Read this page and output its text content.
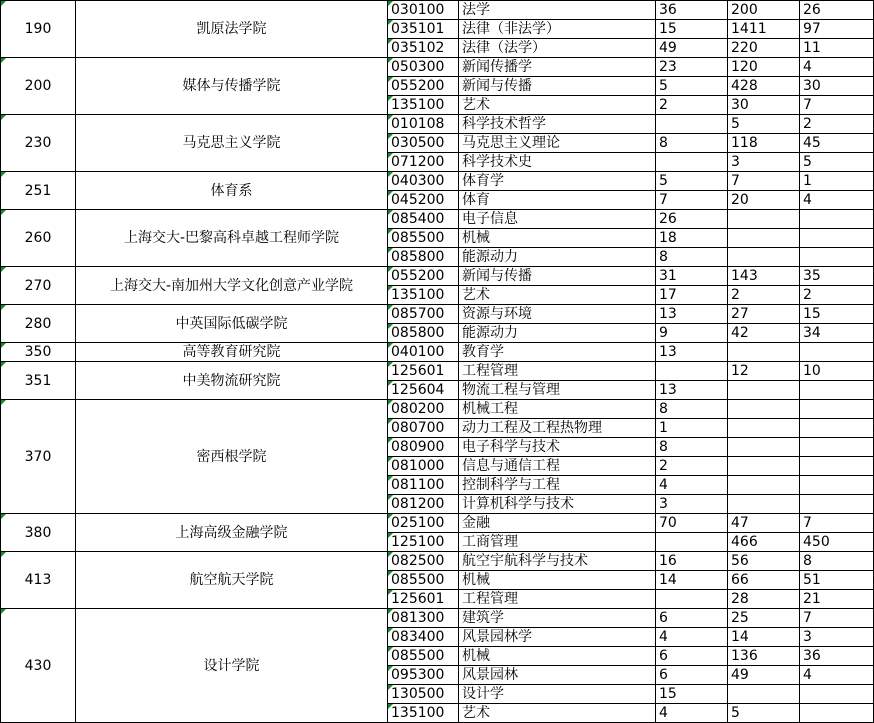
190	凯原法学院	030100	法学	36	200	26
		035101	法律（非法学）	15	1411	97
		035102	法律（法学）	49	220	11
200	媒体与传播学院	050300	新闻传播学	23	120	4
		055200	新闻与传播	5	428	30
		135100	艺术	2	30	7
230	马克思主义学院	010108	科学技术哲学		5	2
		030500	马克思主义理论	8	118	45
		071200	科学技术史		3	5
251	体育系	040300	体育学	5	7	1
		045200	体育	7	20	4
260	上海交大-巴黎高科卓越工程师学院	085400	电子信息	26		
		085500	机械	18		
		085800	能源动力	8		
270	上海交大-南加州大学文化创意产业学院	055200	新闻与传播	31	143	35
		135100	艺术	17	2	2
280	中英国际低碳学院	085700	资源与环境	13	27	15
		085800	能源动力	9	42	34
350	高等教育研究院	040100	教育学	13		
351	中美物流研究院	125601	工程管理		12	10
		125604	物流工程与管理	13		
370	密西根学院	080200	机械工程	8		
		080700	动力工程及工程热物理	1		
		080900	电子科学与技术	8		
		081000	信息与通信工程	2		
		081100	控制科学与工程	4		
		081200	计算机科学与技术	3		
380	上海高级金融学院	025100	金融	70	47	7
		125100	工商管理		466	450
413	航空航天学院	082500	航空宇航科学与技术	16	56	8
		085500	机械	14	66	51
		125601	工程管理		28	21
430	设计学院	081300	建筑学	6	25	7
		083400	风景园林学	4	14	3
		085500	机械	6	136	36
		095300	风景园林	6	49	4
		130500	设计学	15		
		135100	艺术	4	5	
